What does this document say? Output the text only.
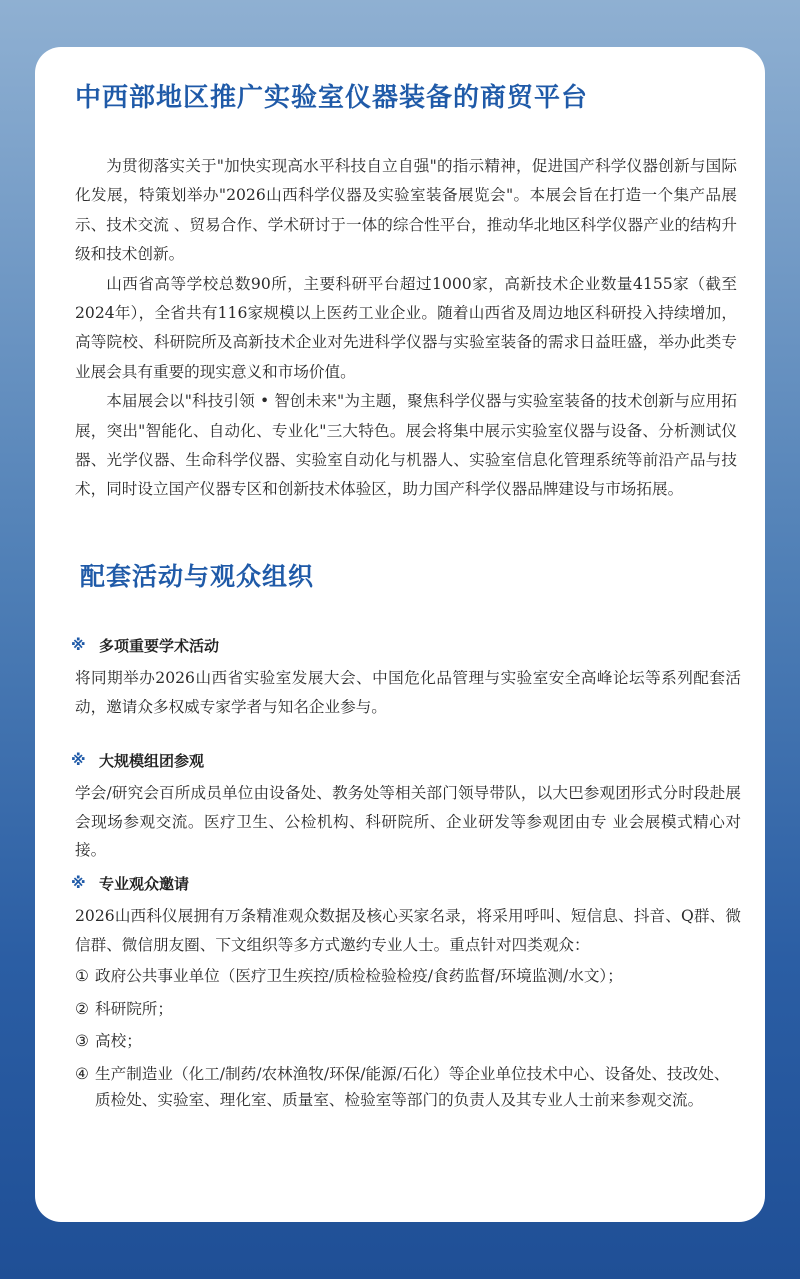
中西部地区推广实验室仪器装备的商贸平台

为贯彻落实关于"加快实现高水平科技自立自强"的指示精神，促进国产科学仪器创新与国际化发展，特策划举办"2026山西科学仪器及实验室装备展览会"。本展会旨在打造一个集产品展示、技术交流 、贸易合作、学术研讨于一体的综合性平台，推动华北地区科学仪器产业的结构升级和技术创新。

山西省高等学校总数90所，主要科研平台超过1000家，高新技术企业数量4155家（截至2024年），全省共有116家规模以上医药工业企业。随着山西省及周边地区科研投入持续增加，高等院校、科研院所及高新技术企业对先进科学仪器与实验室装备的需求日益旺盛，举办此类专业展会具有重要的现实意义和市场价值。

本届展会以"科技引领 • 智创未来"为主题，聚焦科学仪器与实验室装备的技术创新与应用拓展，突出"智能化、自动化、专业化"三大特色。展会将集中展示实验室仪器与设备、分析测试仪器、光学仪器、生命科学仪器、实验室自动化与机器人、实验室信息化管理系统等前沿产品与技术，同时设立国产仪器专区和创新技术体验区，助力国产科学仪器品牌建设与市场拓展。

配套活动与观众组织
※ 多项重要学术活动
将同期举办2026山西省实验室发展大会、中国危化品管理与实验室安全高峰论坛等系列配套活动，邀请众多权威专家学者与知名企业参与。
※ 大规模组团参观
学会/研究会百所成员单位由设备处、教务处等相关部门领导带队，以大巴参观团形式分时段赴展会现场参观交流。医疗卫生、公检机构、科研院所、企业研发等参观团由专 业会展模式精心对接。
※ 专业观众邀请
2026山西科仪展拥有万条精准观众数据及核心买家名录，将采用呼叫、短信息、抖音、Q群、微信群、微信朋友圈、下文组织等多方式邀约专业人士。重点针对四类观众：
① 政府公共事业单位（医疗卫生疾控/质检检验检疫/食药监督/环境监测/水文）；
② 科研院所；
③ 高校；
④ 生产制造业（化工/制药/农林渔牧/环保/能源/石化）等企业单位技术中心、设备处、技改处、质检处、实验室、理化室、质量室、检验室等部门的负责人及其专业人士前来参观交流。
